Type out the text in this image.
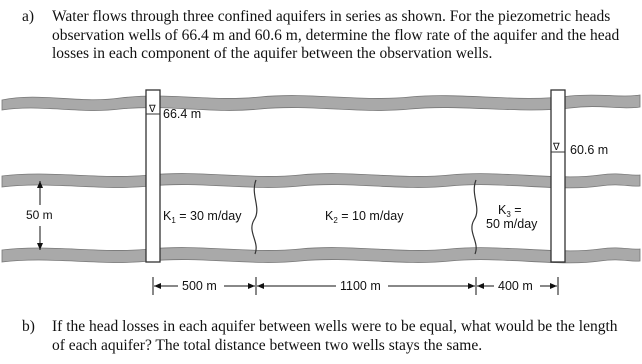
a) Water flows through three confined aquifers in series as shown. For the piezometric heads observation wells of 66.4 m and 60.6 m, determine the flow rate of the aquifer and the head losses in each component of the aquifer between the observation wells.
∇ 66.4 m
∇ 60.6 m
50 m	$K_1 = 30$ m/day	$K_2 = 10$ m/day	$K_3$ =
50 m/day
500 m	1100 m	400 m
b) If the head losses in each aquifer between wells were to be equal, what would be the length of each aquifer? The total distance between two wells stays the same.
